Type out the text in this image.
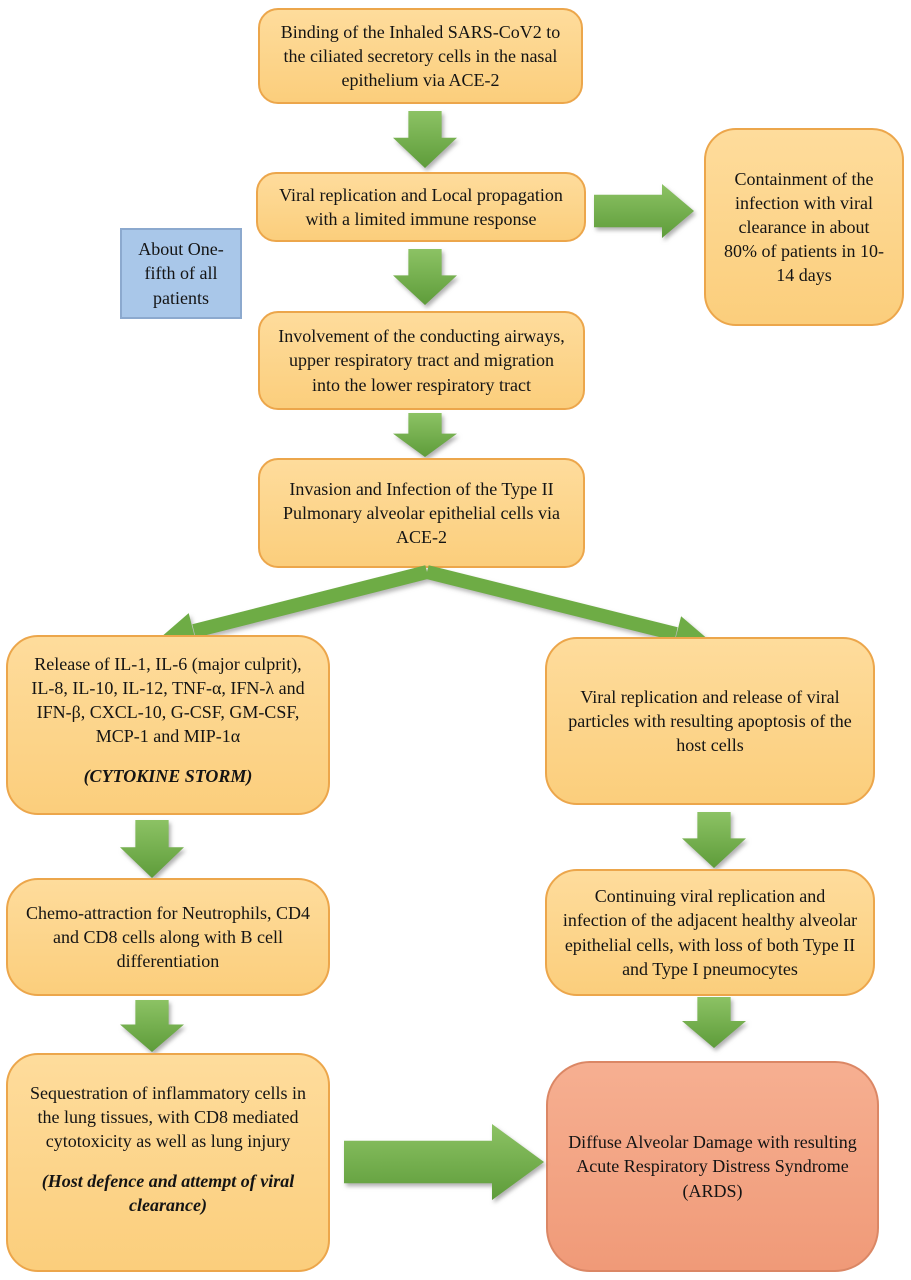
Binding of the Inhaled SARS-CoV2 to the ciliated secretory cells in the nasal epithelium via ACE-2
Viral replication and Local propagation with a limited immune response
Containment of the infection with viral clearance in about 80% of patients in 10-14 days
About One-fifth of all patients
Involvement of the conducting airways, upper respiratory tract and migration into the lower respiratory tract
Invasion and Infection of the Type II Pulmonary alveolar epithelial cells via ACE-2
Release of IL-1, IL-6 (major culprit), IL-8, IL-10, IL-12, TNF-α, IFN-λ and IFN-β, CXCL-10, G-CSF, GM-CSF, MCP-1 and MIP-1α
(CYTOKINE STORM)
Chemo-attraction for Neutrophils, CD4 and CD8 cells along with B cell differentiation
Sequestration of inflammatory cells in the lung tissues, with CD8 mediated cytotoxicity as well as lung injury
(Host defence and attempt of viral clearance)
Viral replication and release of viral particles with resulting apoptosis of the host cells
Continuing viral replication and infection of the adjacent healthy alveolar epithelial cells, with loss of both Type II and Type I pneumocytes
Diffuse Alveolar Damage with resulting Acute Respiratory Distress Syndrome (ARDS)
